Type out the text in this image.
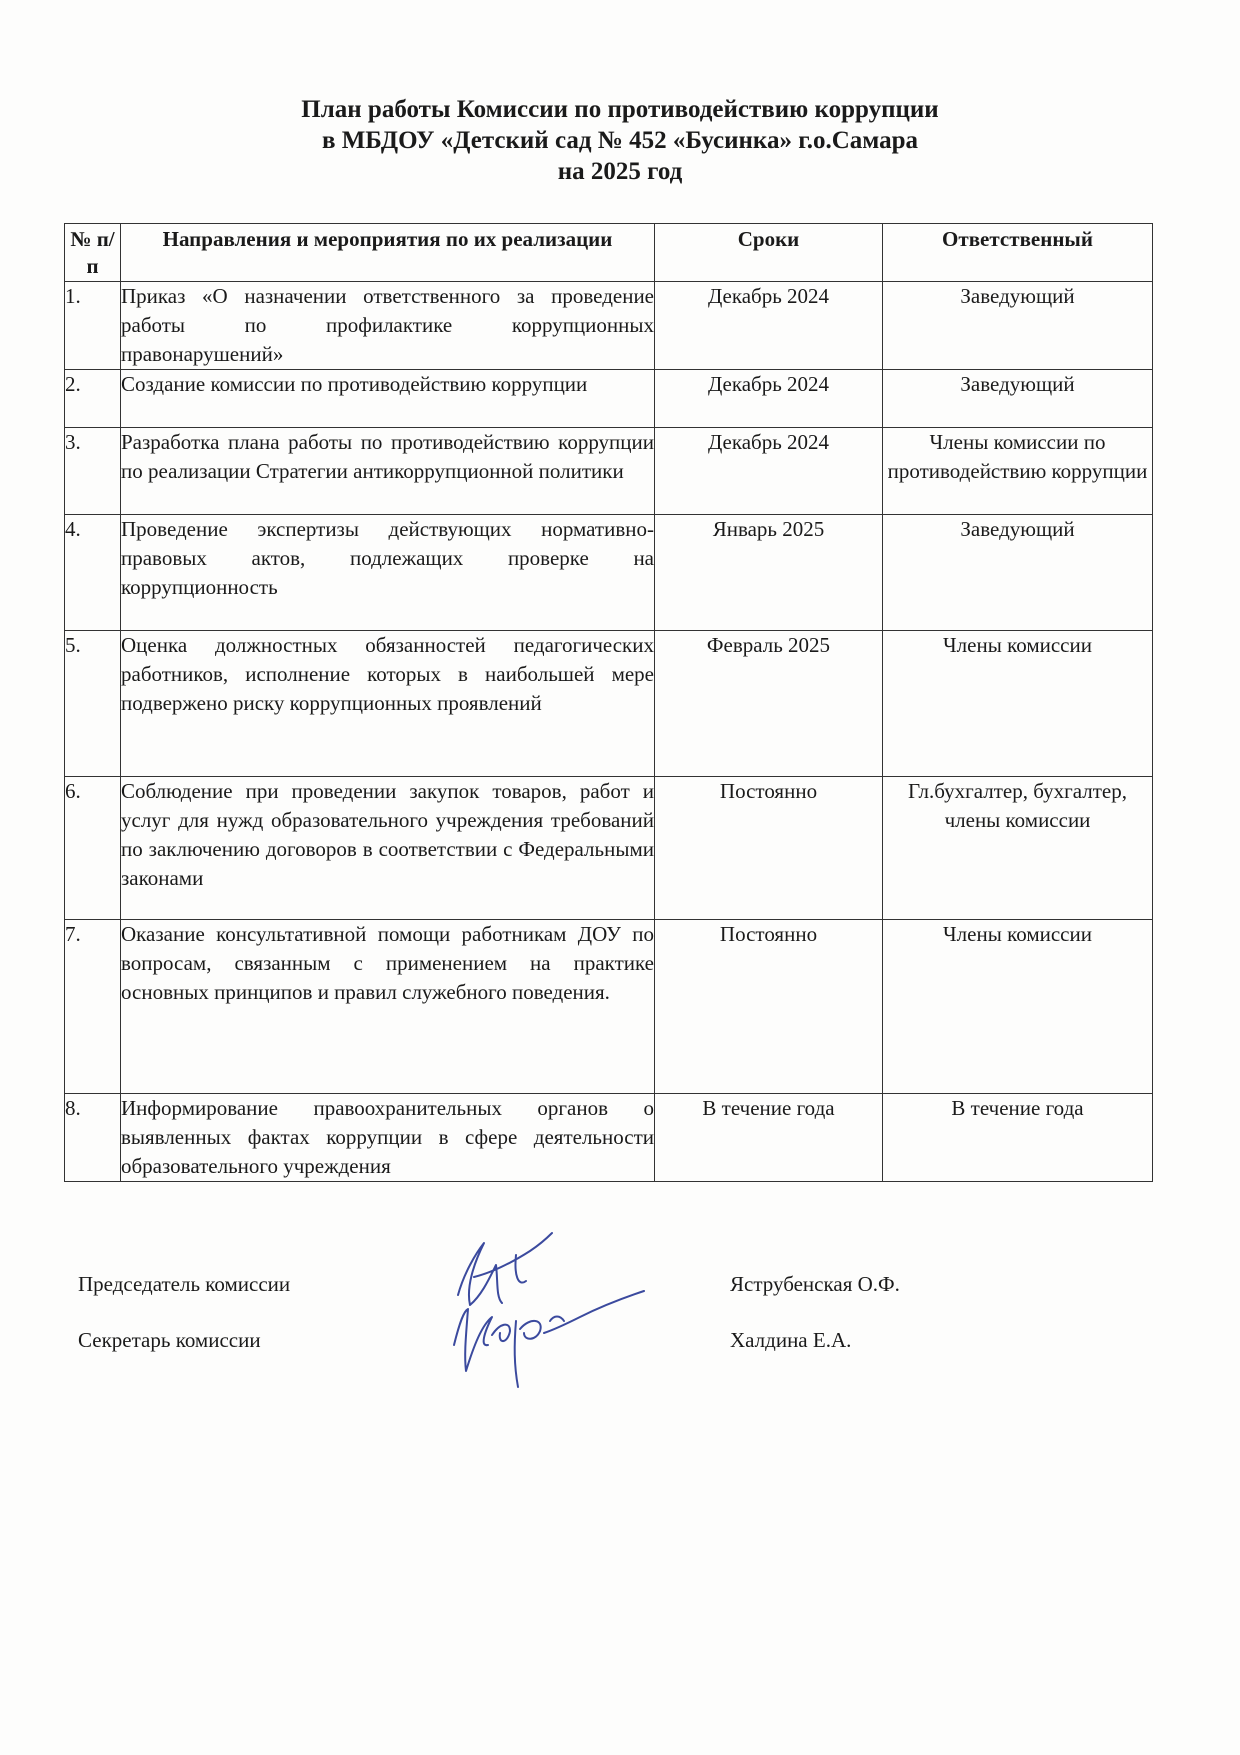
План работы Комиссии по противодействию коррупции
в МБДОУ «Детский сад № 452 «Бусинка» г.о.Самара
на 2025 год
№ п/п	Направления и мероприятия по их реализации	Сроки	Ответственный
1.	Приказ «О назначении ответственного за проведение работы по профилактике коррупционных правонарушений»	Декабрь 2024	Заведующий
2.	Создание комиссии по противодействию коррупции	Декабрь 2024	Заведующий
3.	Разработка плана работы по противодействию коррупции по реализации Стратегии антикоррупционной политики	Декабрь 2024	Члены комиссии по противодействию коррупции
4.	Проведение экспертизы действующих нормативно- правовых актов, подлежащих проверке на коррупционность	Январь 2025	Заведующий
5.	Оценка должностных обязанностей педагогических работников, исполнение которых в наибольшей мере подвержено риску коррупционных проявлений	Февраль 2025	Члены комиссии
6.	Соблюдение при проведении закупок товаров, работ и услуг для нужд образовательного учреждения требований по заключению договоров в соответствии с Федеральными законами	Постоянно	Гл.бухгалтер, бухгалтер, члены комиссии
7.	Оказание консультативной помощи работникам ДОУ по вопросам, связанным с применением на практике основных принципов и правил служебного поведения.	Постоянно	Члены комиссии
8.	Информирование правоохранительных органов о выявленных фактах коррупции в сфере деятельности образовательного учреждения	В течение года	В течение года
Председатель комиссии
Секретарь комиссии
Яструбенская О.Ф.
Халдина Е.А.
